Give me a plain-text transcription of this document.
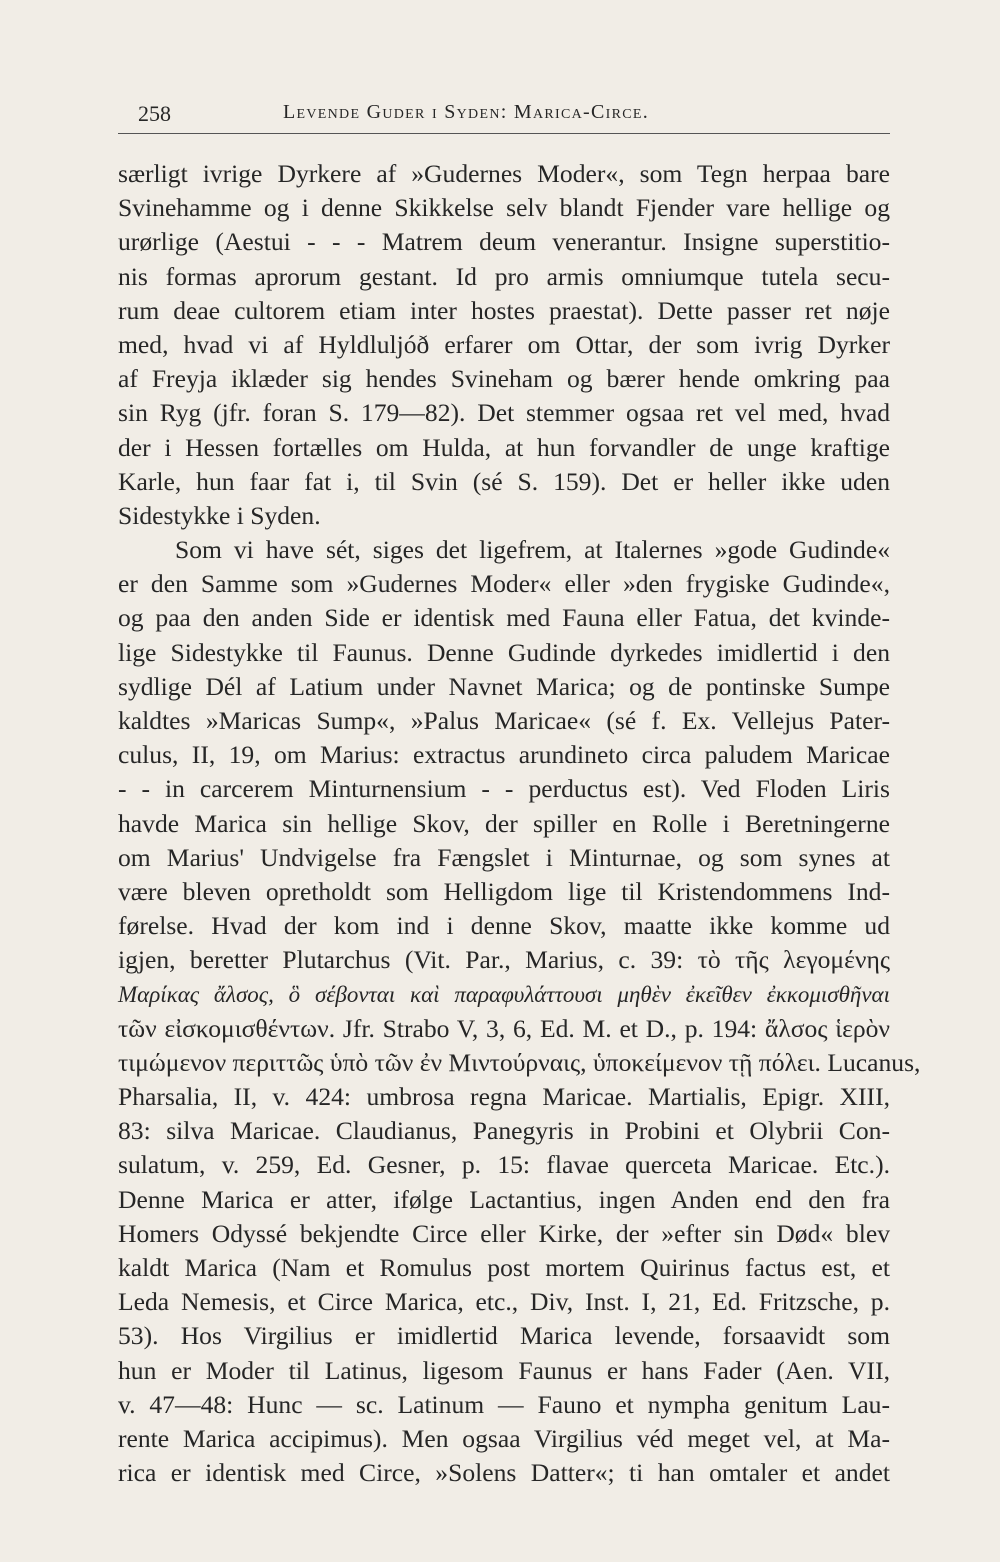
258	Levende Guder i Syden: Marica-Circe.
særligt ivrige Dyrkere af »Gudernes Moder«, som Tegn herpaa bare
Svinehamme og i denne Skikkelse selv blandt Fjender vare hellige og
urørlige (Aestui - - - Matrem deum venerantur. Insigne superstitio-
nis formas aprorum gestant. Id pro armis omniumque tutela secu-
rum deae cultorem etiam inter hostes praestat). Dette passer ret nøje
med, hvad vi af Hyldluljóð erfarer om Ottar, der som ivrig Dyrker
af Freyja iklæder sig hendes Svineham og bærer hende omkring paa
sin Ryg (jfr. foran S. 179—82). Det stemmer ogsaa ret vel med, hvad
der i Hessen fortælles om Hulda, at hun forvandler de unge kraftige
Karle, hun faar fat i, til Svin (sé S. 159). Det er heller ikke uden
Sidestykke i Syden.
Som vi have sét, siges det ligefrem, at Italernes »gode Gudinde«
er den Samme som »Gudernes Moder« eller »den frygiske Gudinde«,
og paa den anden Side er identisk med Fauna eller Fatua, det kvinde-
lige Sidestykke til Faunus. Denne Gudinde dyrkedes imidlertid i den
sydlige Dél af Latium under Navnet Marica; og de pontinske Sumpe
kaldtes »Maricas Sump«, »Palus Maricae« (sé f. Ex. Vellejus Pater-
culus, II, 19, om Marius: extractus arundineto circa paludem Maricae
- - in carcerem Minturnensium - - perductus est). Ved Floden Liris
havde Marica sin hellige Skov, der spiller en Rolle i Beretningerne
om Marius' Undvigelse fra Fængslet i Minturnae, og som synes at
være bleven opretholdt som Helligdom lige til Kristendommens Ind-
førelse. Hvad der kom ind i denne Skov, maatte ikke komme ud
igjen, beretter Plutarchus (Vit. Par., Marius, c. 39: τὸ τῆς λεγομένης
Μαρίκας ἄλσος, ὃ σέβονται καὶ παραφυλάττουσι μηθὲν ἐκεῖθεν ἐκκομισθῆναι
τῶν εἰσκομισθέντων. Jfr. Strabo V, 3, 6, Ed. M. et D., p. 194: ἄλσος ἱερὸν
τιμώμενον περιττῶς ὑπὸ τῶν ἐν Μιντούρναις, ὑποκείμενον τῇ πόλει. Lucanus,
Pharsalia, II, v. 424: umbrosa regna Maricae. Martialis, Epigr. XIII,
83: silva Maricae. Claudianus, Panegyris in Probini et Olybrii Con-
sulatum, v. 259, Ed. Gesner, p. 15: flavae querceta Maricae. Etc.).
Denne Marica er atter, ifølge Lactantius, ingen Anden end den fra
Homers Odyssé bekjendte Circe eller Kirke, der »efter sin Død« blev
kaldt Marica (Nam et Romulus post mortem Quirinus factus est, et
Leda Nemesis, et Circe Marica, etc., Div, Inst. I, 21, Ed. Fritzsche, p.
53). Hos Virgilius er imidlertid Marica levende, forsaavidt som
hun er Moder til Latinus, ligesom Faunus er hans Fader (Aen. VII,
v. 47—48: Hunc — sc. Latinum — Fauno et nympha genitum Lau-
rente Marica accipimus). Men ogsaa Virgilius véd meget vel, at Ma-
rica er identisk med Circe, »Solens Datter«; ti han omtaler et andet
